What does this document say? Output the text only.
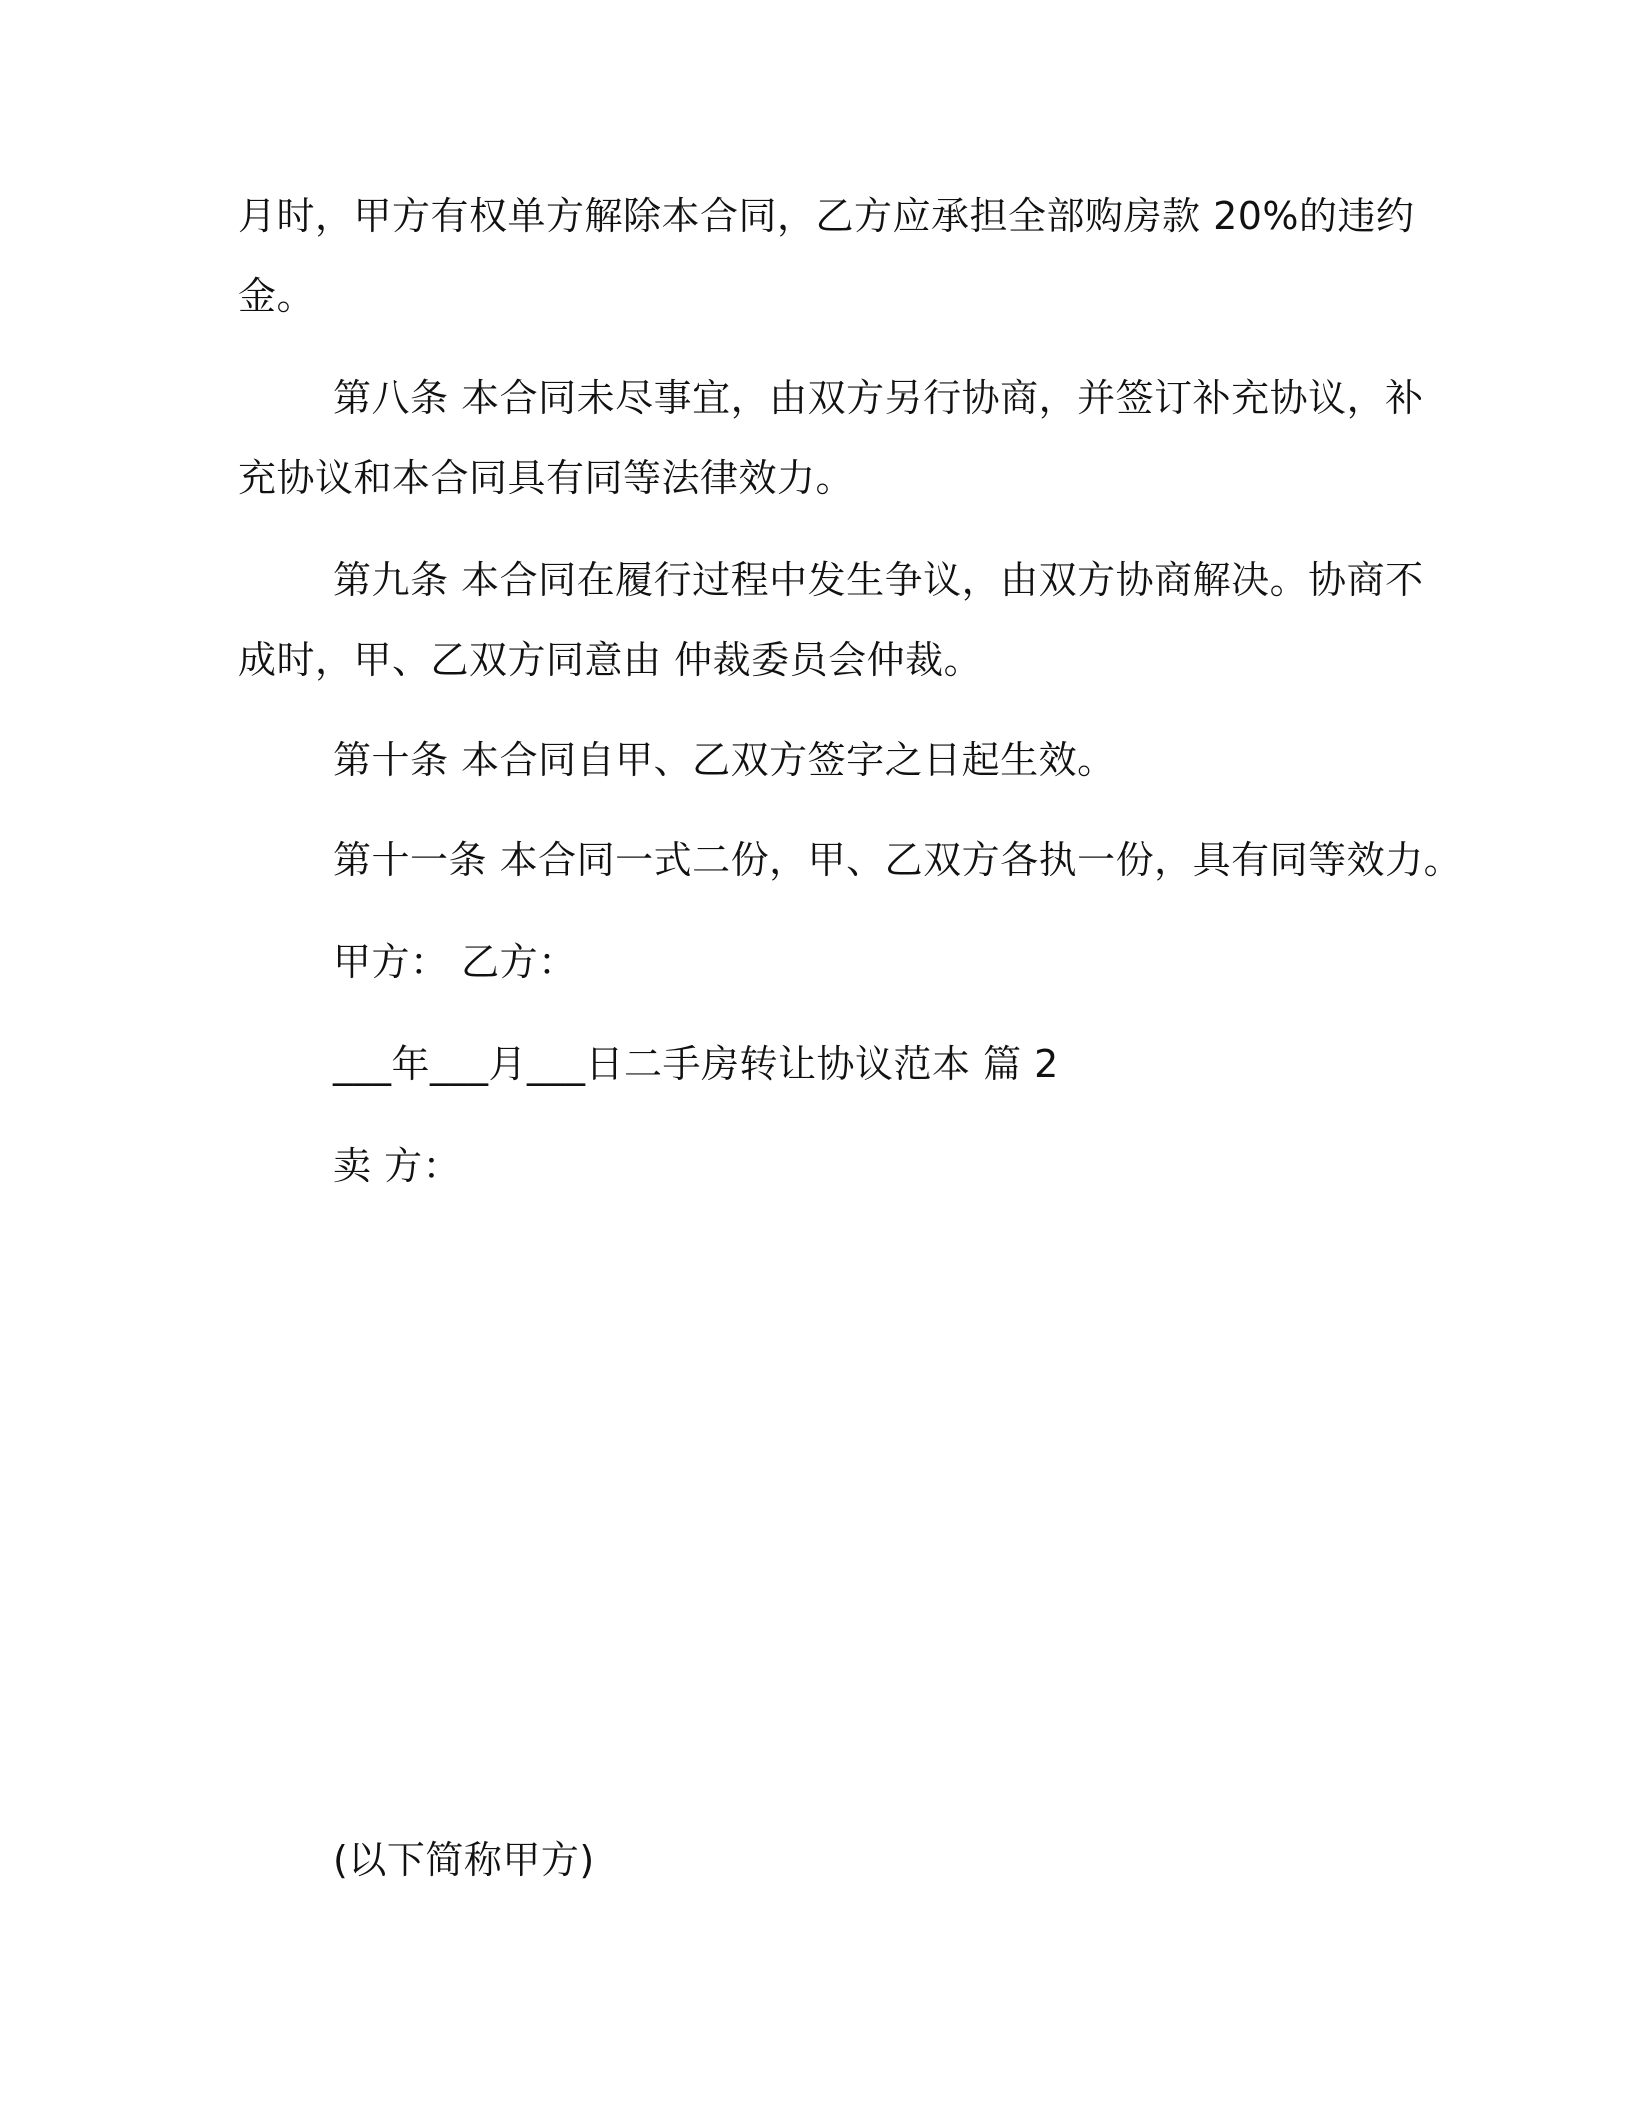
月时，甲方有权单方解除本合同，乙方应承担全部购房款 20%的违约
金。
第八条 本合同未尽事宜，由双方另行协商，并签订补充协议，补
充协议和本合同具有同等法律效力。
第九条 本合同在履行过程中发生争议，由双方协商解决。协商不
成时，甲、乙双方同意由 仲裁委员会仲裁。
第十条 本合同自甲、乙双方签字之日起生效。
第十一条 本合同一式二份，甲、乙双方各执一份，具有同等效力。
甲方： 乙方：
___年___月___日二手房转让协议范本 篇 2
卖 方：
(以下简称甲方)
